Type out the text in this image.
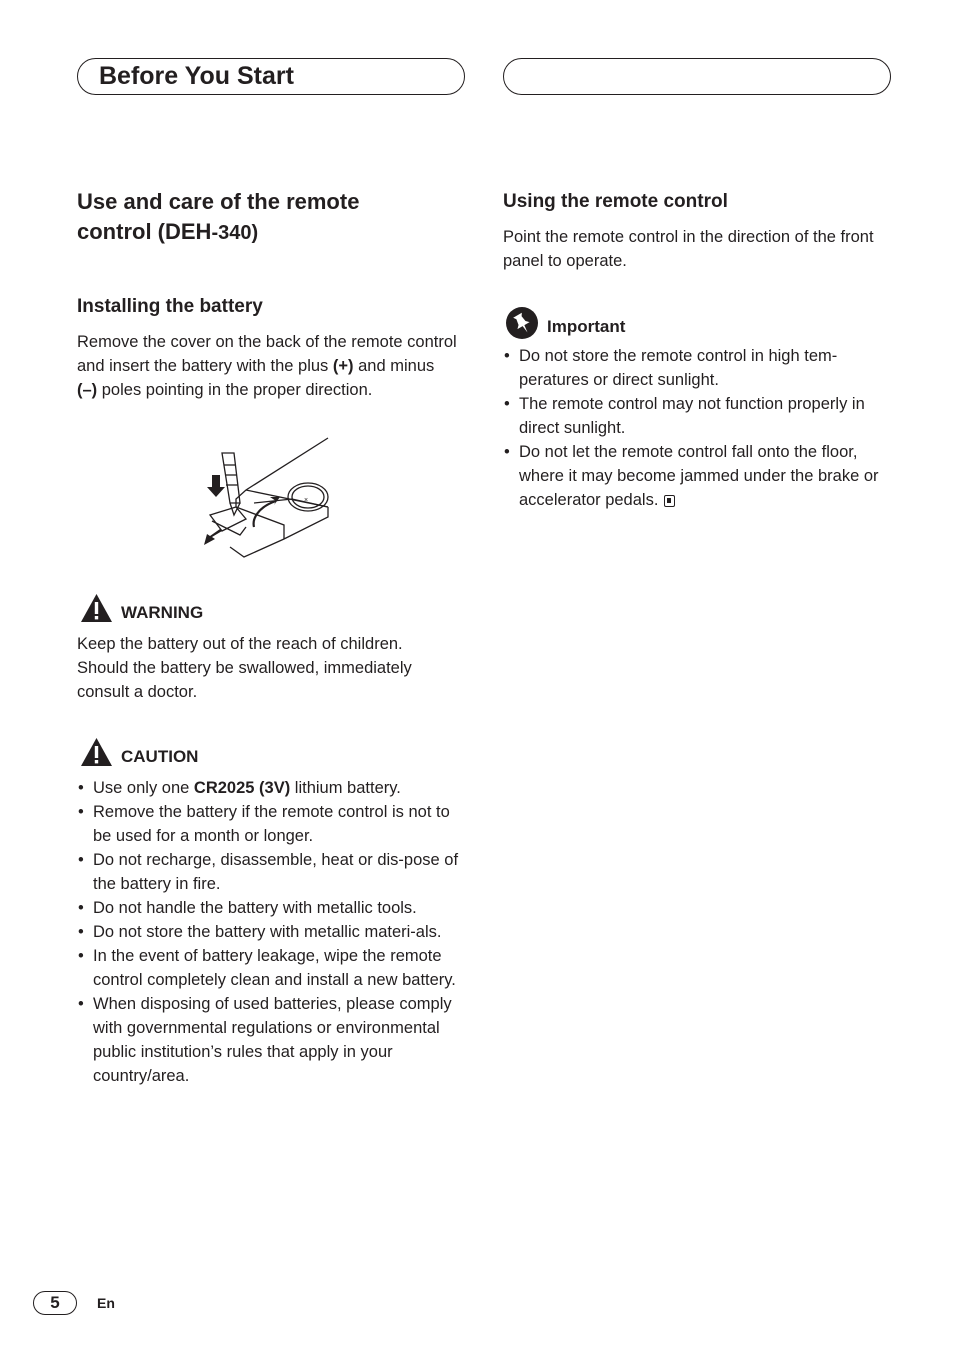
Before You Start
Use and care of the remote
control (DEH-340)
Installing the battery
Remove the cover on the back of the remote control and insert the battery with the plus (+) and minus (–) poles pointing in the proper direction.
×
WARNING
Keep the battery out of the reach of children. Should the battery be swallowed, immediately consult a doctor.
CAUTION
• Use only one CR2025 (3V) lithium battery.
• Remove the battery if the remote control is not to be used for a month or longer.
• Do not recharge, disassemble, heat or dis-pose of the battery in fire.
• Do not handle the battery with metallic tools.
• Do not store the battery with metallic materi-als.
• In the event of battery leakage, wipe the remote control completely clean and install a new battery.
• When disposing of used batteries, please comply with governmental regulations or environmental public institution’s rules that apply in your country/area.
Using the remote control
Point the remote control in the direction of the front panel to operate.
Important
• Do not store the remote control in high tem-peratures or direct sunlight.
• The remote control may not function properly in direct sunlight.
• Do not let the remote control fall onto the floor, where it may become jammed under the brake or accelerator pedals.
5	En
